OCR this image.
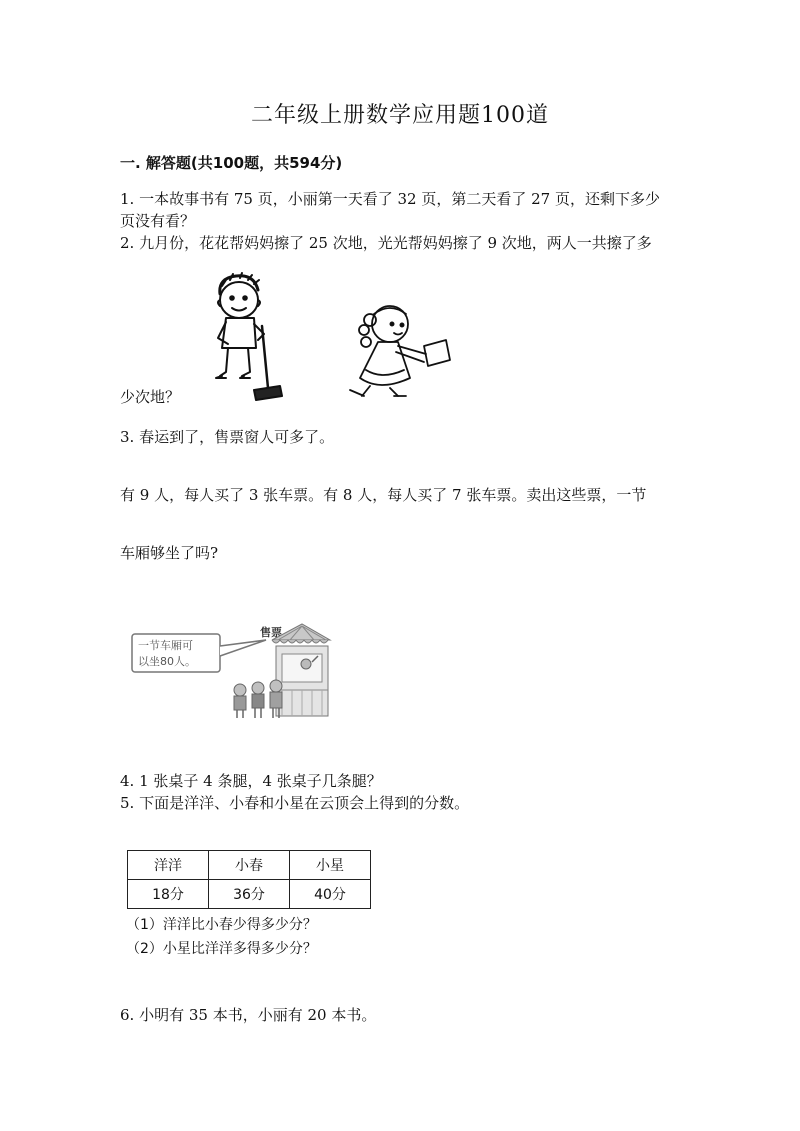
二年级上册数学应用题100道
一. 解答题(共100题，共594分)
1. 一本故事书有 75 页，小丽第一天看了 32 页，第二天看了 27 页，还剩下多少
页没有看？
2. 九月份，花花帮妈妈擦了 25 次地，光光帮妈妈擦了 9 次地，两人一共擦了多
少次地？
3. 春运到了，售票窗人可多了。
有 9 人，每人买了 3 张车票。有 8 人，每人买了 7 张车票。卖出这些票，一节
车厢够坐了吗?
一节车厢可
以坐80人。
售票
4. 1 张桌子 4 条腿，4 张桌子几条腿？
5. 下面是洋洋、小春和小星在云顶会上得到的分数。
洋洋	小春	小星
18分	36分	40分
（1）洋洋比小春少得多少分？
（2）小星比洋洋多得多少分？
6. 小明有 35 本书，小丽有 20 本书。
